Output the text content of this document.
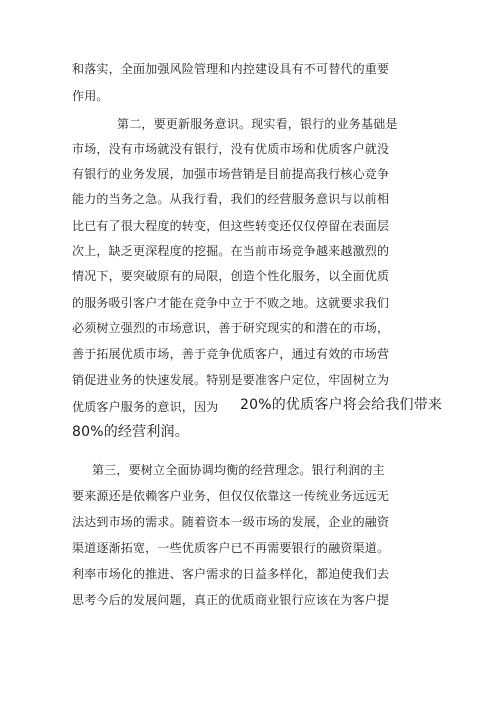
和落实，全面加强风险管理和内控建设具有不可替代的重要
作用。
第二，要更新服务意识。现实看，银行的业务基础是
市场，没有市场就没有银行，没有优质市场和优质客户就没
有银行的业务发展，加强市场营销是目前提高我行核心竞争
能力的当务之急。从我行看，我们的经营服务意识与以前相
比已有了很大程度的转变，但这些转变还仅仅停留在表面层
次上，缺乏更深程度的挖掘。在当前市场竞争越来越激烈的
情况下，要突破原有的局限，创造个性化服务，以全面优质
的服务吸引客户才能在竞争中立于不败之地。这就要求我们
必须树立强烈的市场意识，善于研究现实的和潜在的市场，
善于拓展优质市场，善于竞争优质客户，通过有效的市场营
销促进业务的快速发展。特别是要准客户定位，牢固树立为
优质客户服务的意识，因为 20%的优质客户将会给我们带来
80%的经营利润。
第三，要树立全面协调均衡的经营理念。银行利润的主
要来源还是依赖客户业务，但仅仅依靠这一传统业务远远无
法达到市场的需求。随着资本一级市场的发展，企业的融资
渠道逐渐拓宽，一些优质客户已不再需要银行的融资渠道。
利率市场化的推进、客户需求的日益多样化，都迫使我们去
思考今后的发展问题，真正的优质商业银行应该在为客户提
